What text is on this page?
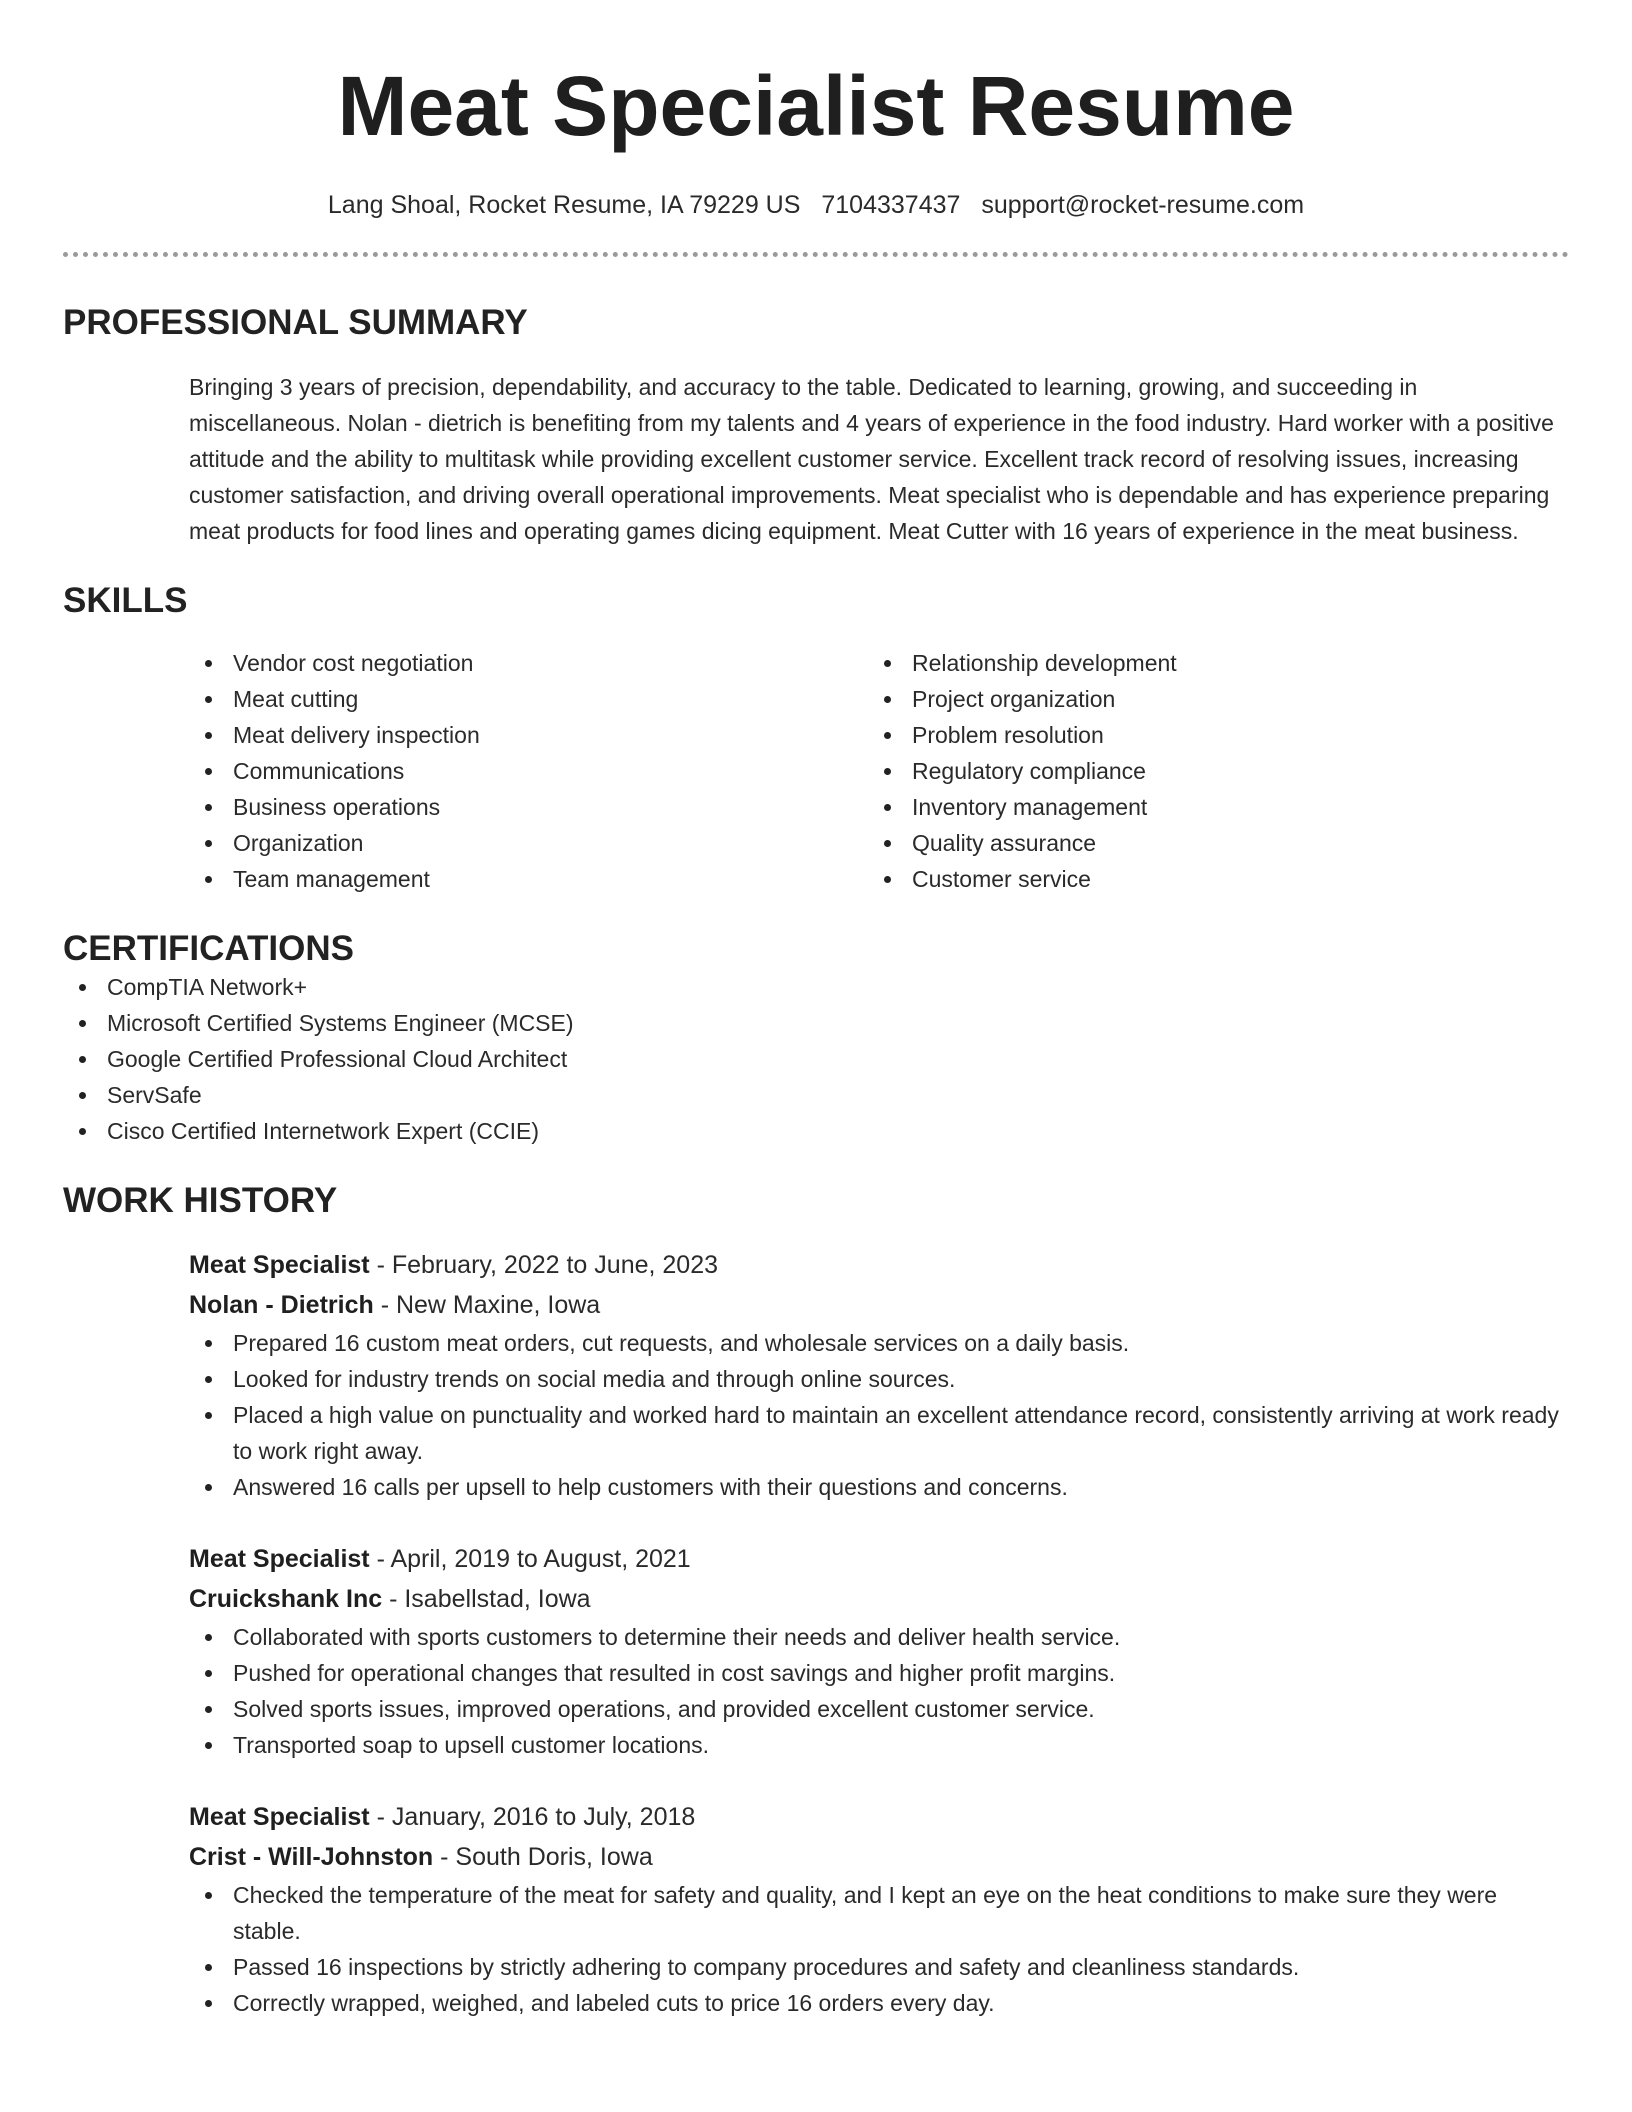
Meat Specialist Resume
Lang Shoal, Rocket Resume, IA 79229 US 7104337437 support@rocket-resume.com
PROFESSIONAL SUMMARY

Bringing 3 years of precision, dependability, and accuracy to the table. Dedicated to learning, growing, and succeeding in miscellaneous. Nolan - dietrich is benefiting from my talents and 4 years of experience in the food industry. Hard worker with a positive attitude and the ability to multitask while providing excellent customer service. Excellent track record of resolving issues, increasing customer satisfaction, and driving overall operational improvements. Meat specialist who is dependable and has experience preparing meat products for food lines and operating games dicing equipment. Meat Cutter with 16 years of experience in the meat business.

SKILLS
Vendor cost negotiation
Meat cutting
Meat delivery inspection
Communications
Business operations
Organization
Team management
Relationship development
Project organization
Problem resolution
Regulatory compliance
Inventory management
Quality assurance
Customer service
CERTIFICATIONS
CompTIA Network+
Microsoft Certified Systems Engineer (MCSE)
Google Certified Professional Cloud Architect
ServSafe
Cisco Certified Internetwork Expert (CCIE)
WORK HISTORY
Meat Specialist - February, 2022 to June, 2023
Nolan - Dietrich - New Maxine, Iowa
Prepared 16 custom meat orders, cut requests, and wholesale services on a daily basis.
Looked for industry trends on social media and through online sources.
Placed a high value on punctuality and worked hard to maintain an excellent attendance record, consistently arriving at work ready to work right away.
Answered 16 calls per upsell to help customers with their questions and concerns.
Meat Specialist - April, 2019 to August, 2021
Cruickshank Inc - Isabellstad, Iowa
Collaborated with sports customers to determine their needs and deliver health service.
Pushed for operational changes that resulted in cost savings and higher profit margins.
Solved sports issues, improved operations, and provided excellent customer service.
Transported soap to upsell customer locations.
Meat Specialist - January, 2016 to July, 2018
Crist - Will-Johnston - South Doris, Iowa
Checked the temperature of the meat for safety and quality, and I kept an eye on the heat conditions to make sure they were stable.
Passed 16 inspections by strictly adhering to company procedures and safety and cleanliness standards.
Correctly wrapped, weighed, and labeled cuts to price 16 orders every day.
